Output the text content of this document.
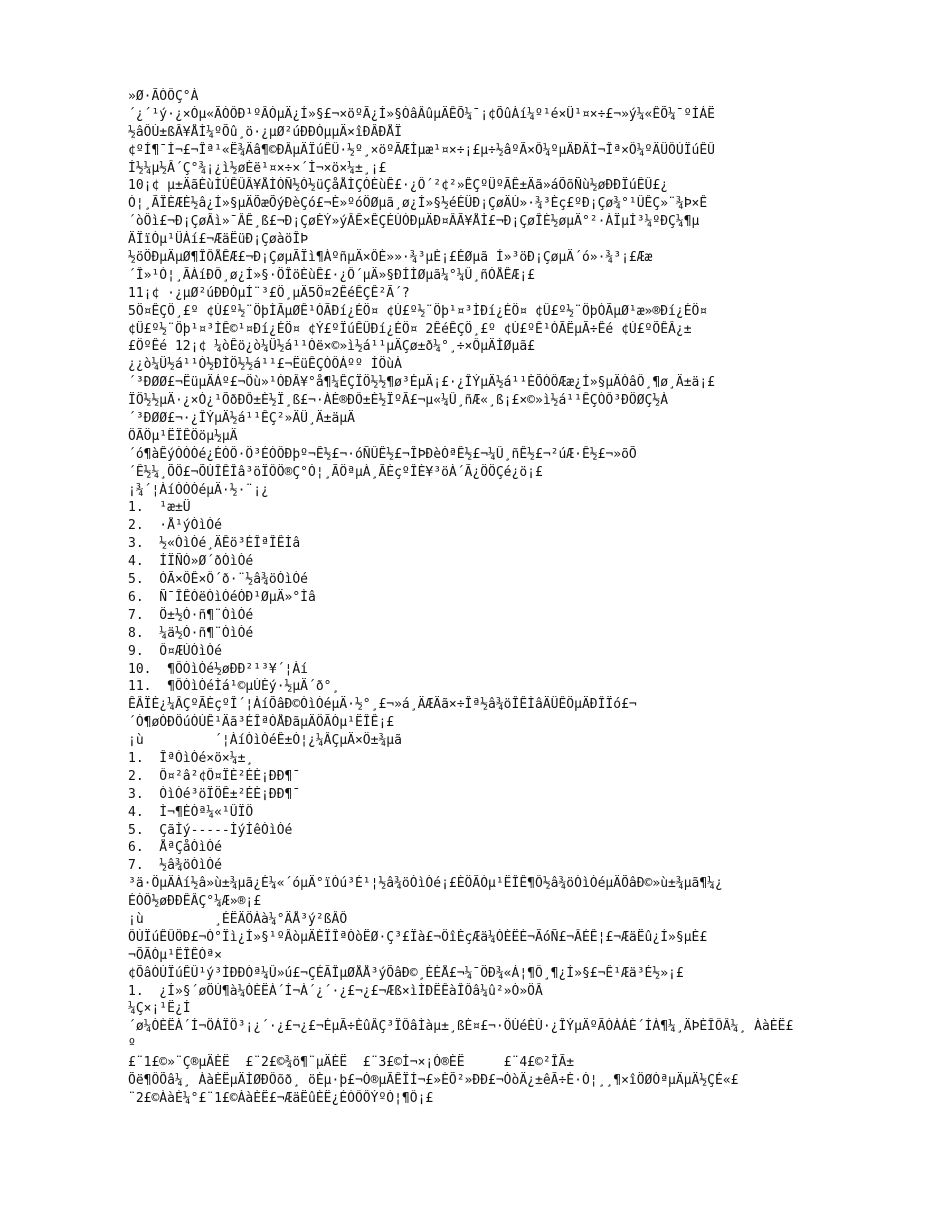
»Ø·ÃÒÔÇ°À
´¿´¹ý·¿×Óµ«ÃÒÔÐ¹ºÂÒµÄ¿Í»§£¬×öºÃ¿Í»§ÒâÂûµÄÊÕ¼¯¡¢ÕûÀí¼º¹é×Ü¹¤×÷£¬»ý¼«ÊÕ¼¯ºÍÁË
½âÔÚ±ßÂ¥ÅÌ¼ºÕû¸ö·¿µØ²úÐÐÒµµÄ×îÐÂÐÅÏ
¢ºÍ¶¯Ì¬£¬Îª¹«Ë¾Äâ¶©ÐÂµÄÏúÊÛ·½º¸×öºÃÆÌµæ¹¤×÷¡£µ÷½âºÃ×Ô¼ºµÄÐÄÌ¬Îª×Ô¼ºÄÜÔÚÏúÊÛ
Í½¼µ½Â´Ç°¾¡¿ì½øÈë¹¤×÷×´Ì¬×ö×¼±¸¡£
10¡¢ µ±ÄãÈùÌÚÊÛÂ¥ÅÌÒÑ½Ó½üÇåÅÌÇÒÈùÊ£·¿Ô´²¢²»ÊÇºÜºÃÊ±Äã»áÕõÑù½øÐÐÏúÊÛ£¿
Ó¦¸ÃÏÈÆÈ½â¿Í»§µÄÕæÕýÐèÇó£¬È»ºóÖØµã¸ø¿Í»§½éÉÜÐ¡ÇøÄÚ»·¾³Èç£ºÐ¡Çø¾°¹ÛÊÇ»¨¾Þ×Ê
´òÔì£¬Ð¡ÇøÂì»¯ÂÊ¸ß£¬Ð¡ÇøÈÝ»ýÂÊ×ÊÇÉÚÓÐµÄÐ¤ÂÃ¥ÅÌ£¬Ð¡ÇøÎÈ½øµÄ°²·ÀÏµÍ³¼ºÐÇ¼¶µ
ÄÏïÒµ¹ÜÀí£¬ÆäËüÐ¡ÇøàöÎÞ
½öÖÐµÄµØ¶ÎÔÅÊÆ£¬Ð¡ÇøµÃÏì¶ÀºñµÄ×ÔÈ»»·¾³µÈ¡£ÉØµã Í»³öÐ¡ÇøµÄ´ó»·¾³¡£Ææ
´Î»¹Ó¦¸ÃÀíÐÔ¸ø¿Í»§·ÖÎöÈùÊ£·¿Ô´µÄ»§ÐÍÌØµã¼°¼Û¸ñÓÅÊÆ¡£
11¡¢ ·¿µØ²úÐÐÒµÍ¨³£Ö¸µÄ5Ö¤2ÊéÊÇÊ²Ã´?
5Ö¤ÊÇÖ¸£º ¢Ù£º½¨ÖþÌÃµØÊ¹ÓÃÐí¿ÉÖ¤ ¢Ú£º½¨Öþ¹¤³ÌÐí¿ÉÖ¤ ¢Û£º½¨ÖþÓÃµØ¹æ»®Ðí¿ÉÖ¤
¢Ü£º½¨Öþ¹¤³ÌÊ©¹¤Ðí¿ÉÖ¤ ¢Ý£ºÏúÊÛÐí¿ÉÖ¤ 2ÊéÊÇÖ¸£º ¢Ù£ºÊ¹ÓÃËµÃ÷Êé ¢Ú£ºÕÊÂ¿±
£ÖºÊé 12¡¢ ¼òÊö¿ò¼Ü½á¹¹Óë×©»ì½á¹¹µÄÇø±ð¼°¸÷×ÔµÄÌØµã£
¿¿ò¼Ü½á¹¹Ó½ÐÌÖ½½á¹¹£¬ËüÊÇÒÔÁºº ÍÖùÀ
´³ÐØØ£¬ËüµÄÁº£¬Öù»¹ÓÐÂ¥°å¶¼ÊÇÏÖ½½¶ø³ÉµÄ¡£·¿ÎÝµÄ½á¹¹ÈÕÒÔÆæ¿Í»§µÄÒâÔ¸¶ø¸Ä±ä¡£
ÏÖ½½µÄ·¿×Ó¿¹ÕðÐÔ±È½Ï¸ß£¬·ÀÈ®ÐÔ±È½ÏºÃ£¬µ«¼Û¸ñÆ«¸ß¡£×©»ì½á¹¹ÊÇÒÔ³ÐÖØÇ½À
´³ÐØØ£¬·¿ÎÝµÄ½á¹¹ÊÇ²»ÄÜ¸Ä±äµÄ
ÖÃÖµ¹ËÏÊÖöµ½µÄ
´ó¶àÊýÒÒÒé¿ÉÒÔ·Ö³ÉÒÔÐþº¬Ê½£¬·óÑÛÊ½£¬ÎÞÐèÒªÊ½£¬¼Û¸ñÊ½£¬²úÆ·Ê½£¬»õÕ
´Ê½¼¸ÕÖ£¬ÕÚÎÊÎâ³öÏÔÖ®Ç°Ó¦¸ÃÖªµÀ¸ÃÈçºÎÈ¥³öÀ´Ã¿ÖÖÇé¿ö¡£
¡¾´¦ÀíÒÒÒéµÄ·½·¨¡¿
1.  ¹æ±Ü
2.  ·Å¹ýÒìÒé
3.  ½«ÒìÒé¸ÄÊö³ÉÎªÎÊÌâ
4.  ÍÏÑÓ»Ø´ðÒìÒé
5.  ÓÃ×ÔÊ×Ô´ð·¨½â¾öÒìÒé
6.  Ñ¯ÎÊÓëÒìÒéÓÐ¹ØµÄ»°Ìâ
7.  Ö±½Ó·ñ¶¨ÒìÒé
8.  ¼ä½Ó·ñ¶¨ÒìÒé
9.  Ô¤ÆÚÒìÒé
10.  ¶ÔÒìÒé½øÐÐ²¹³¥´¦Àí
11.  ¶ÔÒìÒéÌá¹©µÚÈý·½µÄ´ð°¸
ÊÂÏÈ¿¼ÂÇºÃÈçºÎ´¦ÀíÕâÐ©ÒìÒéµÄ·½°¸£¬»á¸ÄÆÄã×÷Îª½â¾öÎÊÌâÄÜÊÖµÄÐÎÏó£¬
´Ó¶øÓÐÖúÓÚÊ¹Äã³ÉÎªÓÅÐãµÄÖÃÒµ¹ËÎÊ¡£
¡ù         ´¦ÀíÒìÒéÊ±Ó¦¿¼ÂÇµÄ×Ö±¾µã
1.  ÎªÒìÒé×ö×¼±¸
2.  Ô¤²â²¢Ô¤ÏÈ²ÉÈ¡ÐÐ¶¯
3.  ÒìÒé³öÏÖÊ±²ÉÈ¡ÐÐ¶¯
4.  Ì¬¶ÈÒª¼«¹ÛÏÖ
5.  ÇãÌý-----ÌýÍêÒìÒé
6.  ÅªÇåÒìÒé
7.  ½â¾öÒìÒé
³ä·ÖµÄÀí½â»ù±¾µã¿É¼«´óµÄ°ïÓú³É¹¦½â¾öÒìÒé¡£ÈÖÃÒµ¹ËÎÊ¶Ô½â¾öÒìÒéµÄÕâÐ©»ù±¾µã¶¼¿
ÉÒÔ½øÐÐÊÂÇ°¼Æ»®¡£
¡ù         ¸ÉËÄÖÀà¼°ÄÅ³ý²ßÂÔ
ÔÚÏúÊÛÖÐ£¬Ó°Ïì¿Í»§¹ºÂòµÄÈÏÎªÒòËØ·Ç³£Ïà£¬ÖîÈçÆä¼ÒÈËÈ¬ÃóÑ£¬ÂÉÊ¦£¬ÆäËû¿Í»§µÈ£
¬ÕÃÒµ¹ËÎÊÒª×
¢ÕâÒÚÏúÊÛ¹ý³ÌÐÐÒª¼Û»ú£¬ÇÉÃÎµØÅÅ³ýÕâÐ©¸ÉÈÅ£¬¼¯ÖÐ¾«Á¦¶Ô¸¶¿Í»§£¬Ê¹Æä³É½»¡£
1.  ¿Í»§´øÖÚ¶à¼ÒÈËÀ´Í¬À´¿´·¿£¬¿£¬Æß×ìÌÐËÊàÎÔâ¼û²»Ò»ÖÂ
¼Ç×¡¹Ë¿Í
´ø¼ÒÈËÀ´Í¬ÖÁÏÖ³¡¿´·¿£¬¿£¬ÉµÃ÷ÈûÂÇ³ÏÔâÌàµ±¸ßÈ¤£¬·ÖÚéÈÙ·¿ÎÝµÄºÃÒÀÁÈ´ÍÀ¶¼¸ÄÞÈÎÔÂ¼¸ ÀàÈË£
º
£¨1£©»¨Ç®µÄÈË  £¨2£©¾ö¶¨µÄÈË  £¨3£©Í¬×¡Ó®ÈË     £¨4£©²ÎÃ±
Õë¶ÔÕâ¼¸ ÀàÈËµÄÌØÐÔõð¸ öÈµ·þ£¬Ó®µÃÊÏÍ¬£»ÈÕ²»ÐÐ£¬ÒòÄ¿±êÃ÷È·Ó¦¸¸¶×îÖØÒªµÄµÄ½ÇÉ«£
¨2£©ÀàÈ¼°£¨1£©ÀàÈË£¬ÆäËûÈË¿ÉÒÔÔÝºÓ¦¶Ô¡£
